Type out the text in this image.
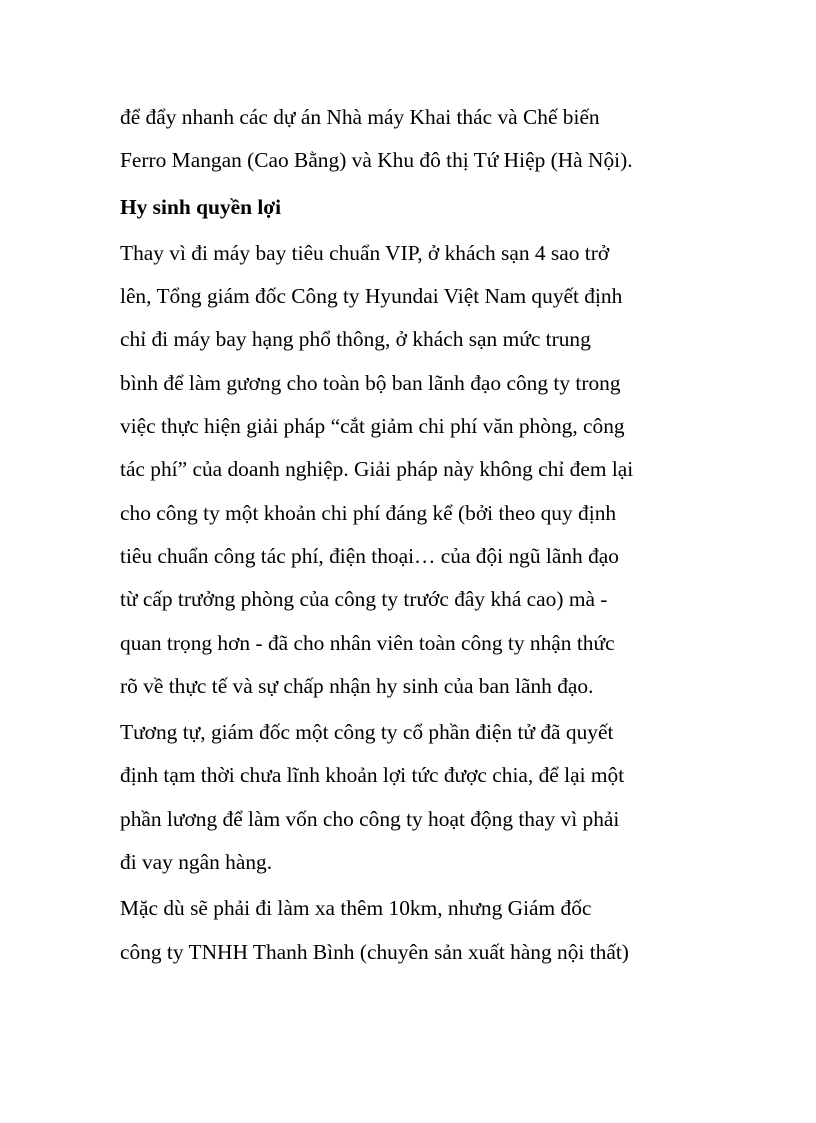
để đẩy nhanh các dự án Nhà máy Khai thác và Chế biến
Ferro Mangan (Cao Bằng) và Khu đô thị Tứ Hiệp (Hà Nội).
Hy sinh quyền lợi
Thay vì đi máy bay tiêu chuẩn VIP, ở khách sạn 4 sao trở
lên, Tổng giám đốc Công ty Hyundai Việt Nam quyết định
chỉ đi máy bay hạng phổ thông, ở khách sạn mức trung
bình để làm gương cho toàn bộ ban lãnh đạo công ty trong
việc thực hiện giải pháp “cắt giảm chi phí văn phòng, công
tác phí” của doanh nghiệp. Giải pháp này không chỉ đem lại
cho công ty một khoản chi phí đáng kể (bởi theo quy định
tiêu chuẩn công tác phí, điện thoại… của đội ngũ lãnh đạo
từ cấp trưởng phòng của công ty trước đây khá cao) mà -
quan trọng hơn - đã cho nhân viên toàn công ty nhận thức
rõ về thực tế và sự chấp nhận hy sinh của ban lãnh đạo.
Tương tự, giám đốc một công ty cổ phần điện tử đã quyết
định tạm thời chưa lĩnh khoản lợi tức được chia, để lại một
phần lương để làm vốn cho công ty hoạt động thay vì phải
đi vay ngân hàng.
Mặc dù sẽ phải đi làm xa thêm 10km, nhưng Giám đốc
công ty TNHH Thanh Bình (chuyên sản xuất hàng nội thất)
